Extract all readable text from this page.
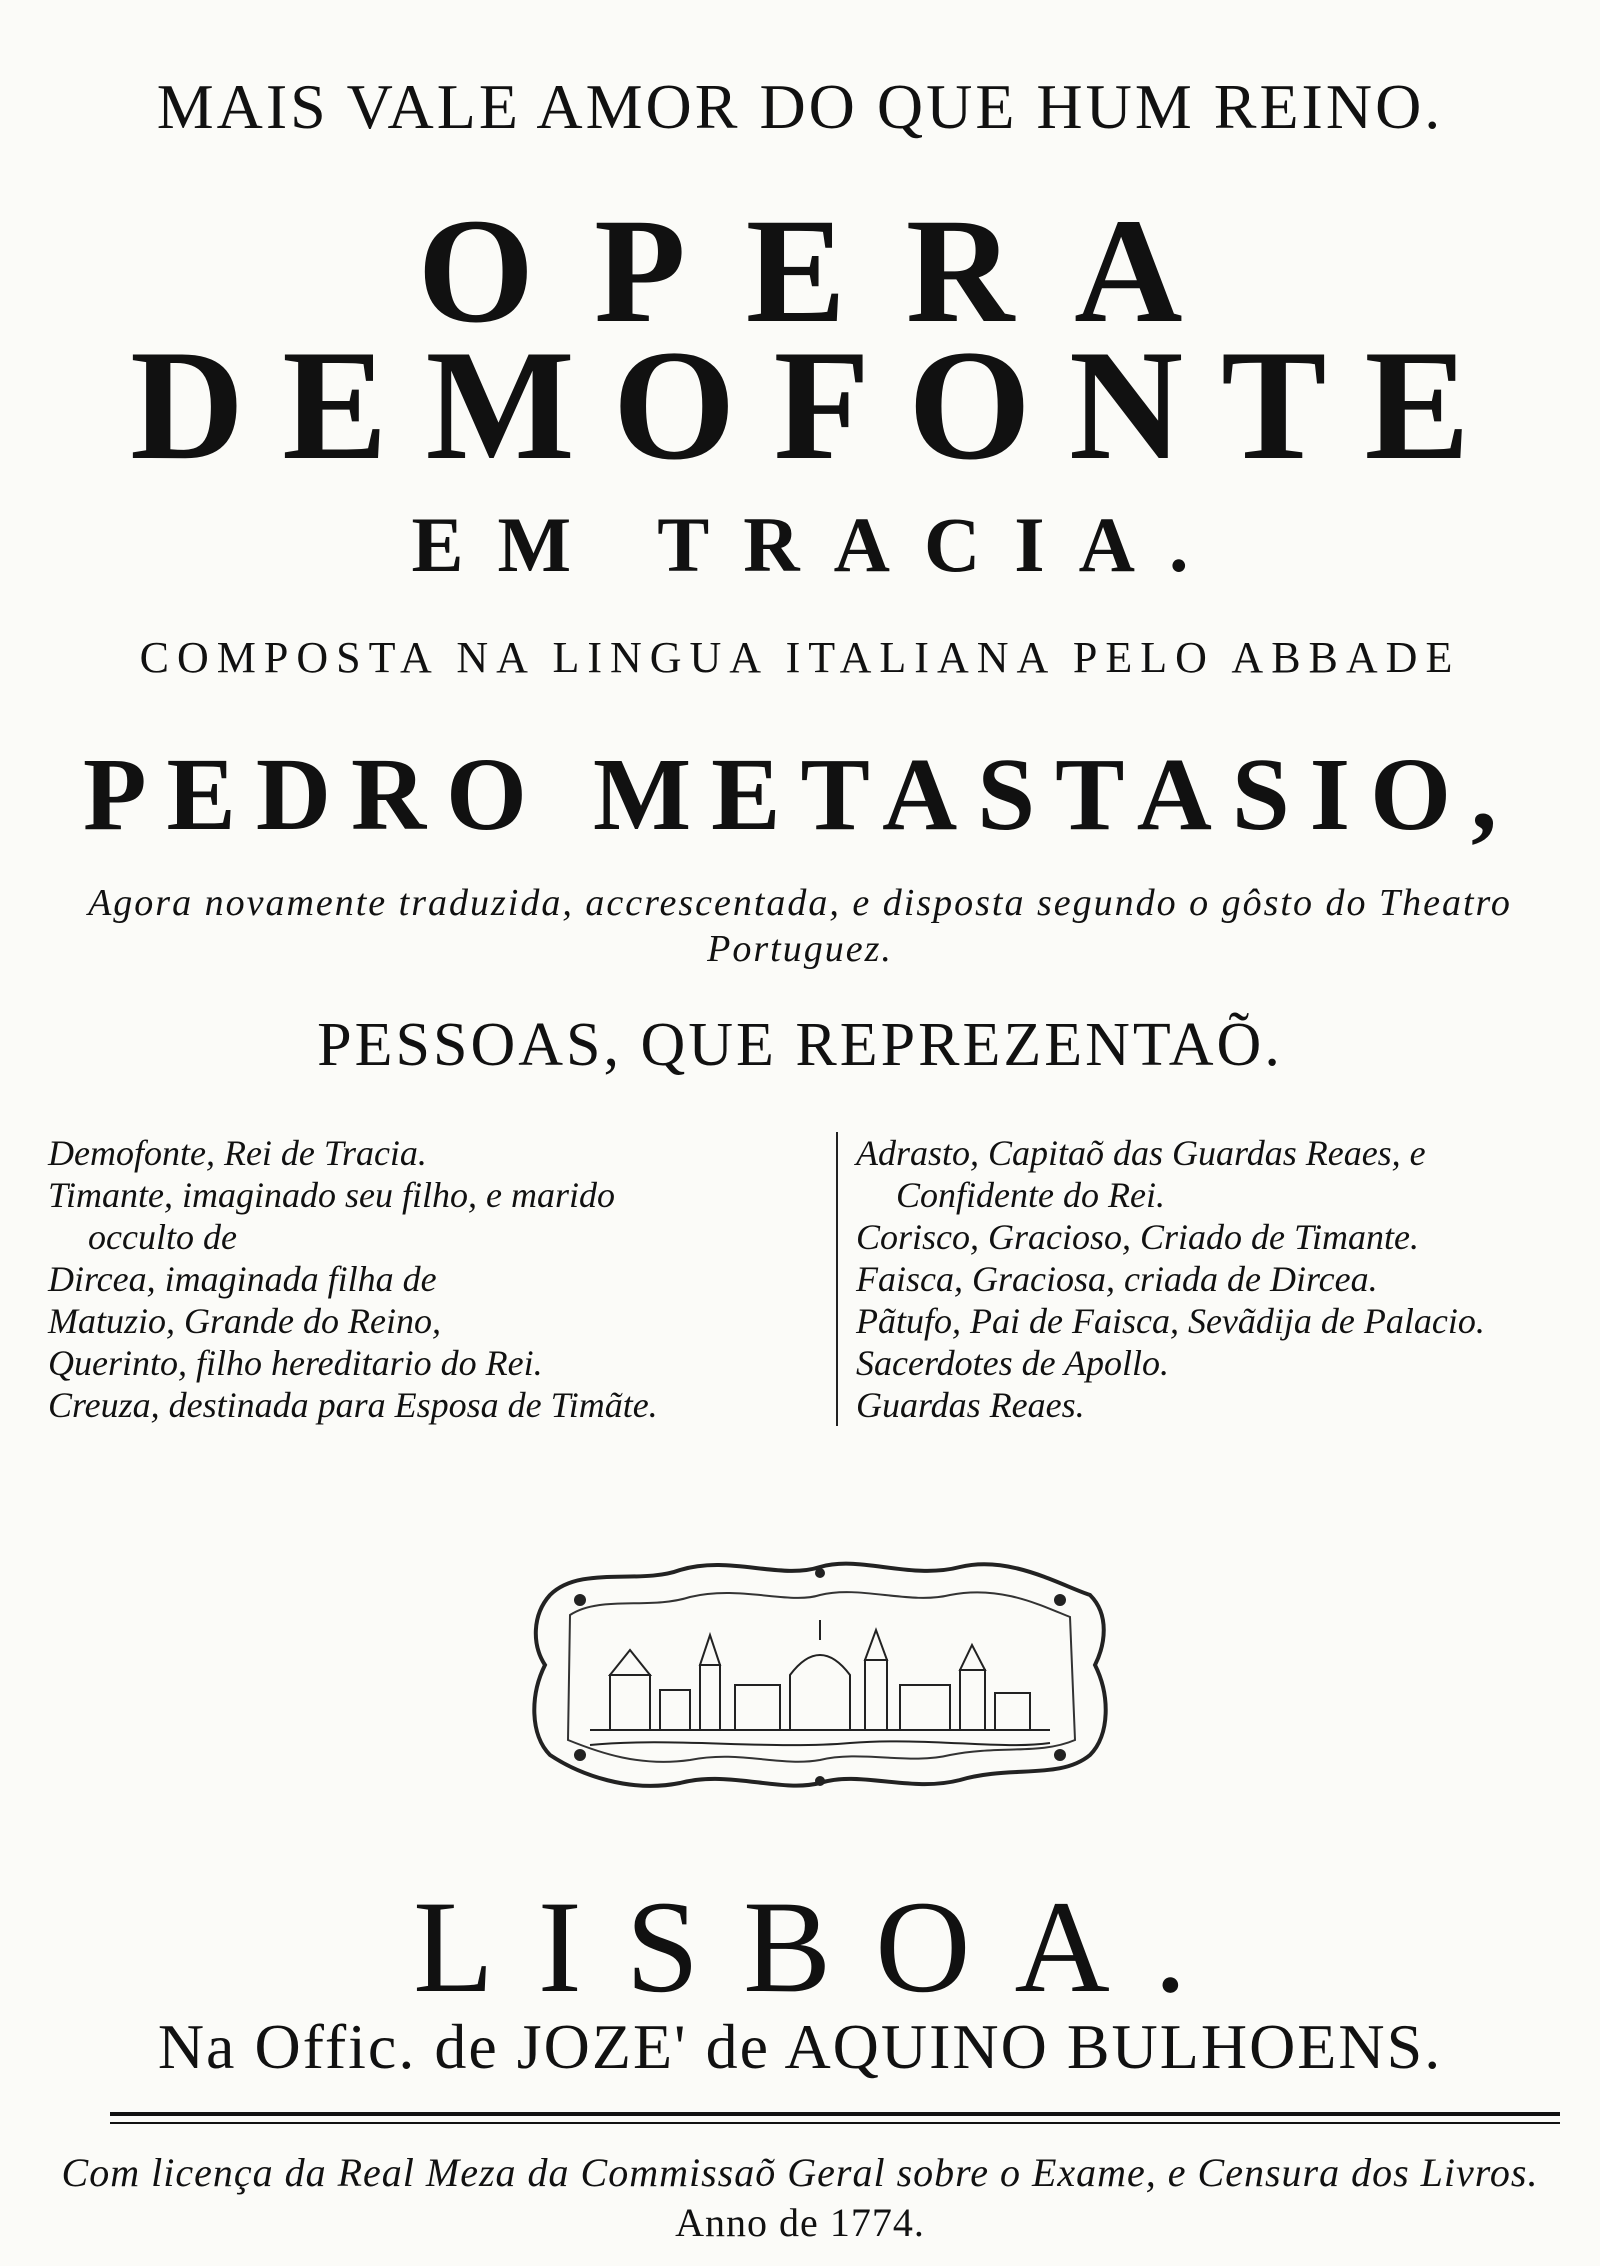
MAIS VALE AMOR DO QUE HUM REINO.
OPERA
DEMOFONTE
EM TRACIA.
COMPOSTA NA LINGUA ITALIANA PELO ABBADE
PEDRO METASTASIO,
Agora novamente traduzida, accrescentada, e disposta segundo o gôsto do Theatro Portuguez.
PESSOAS, QUE REPREZENTAÕ.
Demofonte, Rei de Tracia.
Timante, imaginado seu filho, e marido
occulto de
Dircea, imaginada filha de
Matuzio, Grande do Reino,
Querinto, filho hereditario do Rei.
Creuza, destinada para Esposa de Timãte.
Adrasto, Capitaõ das Guardas Reaes, e
Confidente do Rei.
Corisco, Gracioso, Criado de Timante.
Faisca, Graciosa, criada de Dircea.
Pãtufo, Pai de Faisca, Sevãdija de Palacio.
Sacerdotes de Apollo.
Guardas Reaes.
LISBOA.
Na Offic. de JOZE' de AQUINO BULHOENS.
Com licença da Real Meza da Commissaõ Geral sobre o Exame, e Censura dos Livros. Anno de 1774.
